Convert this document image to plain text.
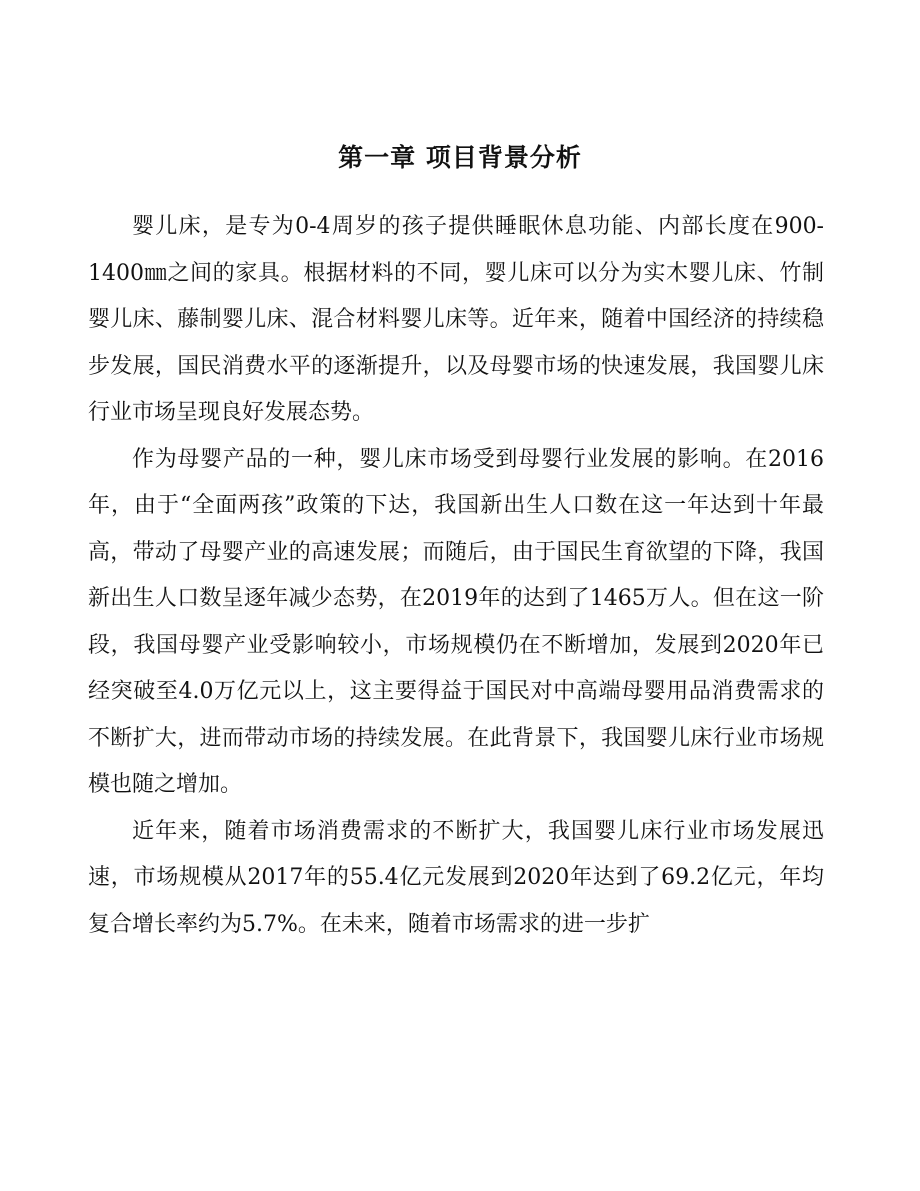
第一章 项目背景分析

婴儿床，是专为0-4周岁的孩子提供睡眠休息功能、内部长度在900-1400㎜之间的家具。根据材料的不同，婴儿床可以分为实木婴儿床、竹制婴儿床、藤制婴儿床、混合材料婴儿床等。近年来，随着中国经济的持续稳步发展，国民消费水平的逐渐提升，以及母婴市场的快速发展，我国婴儿床行业市场呈现良好发展态势。

作为母婴产品的一种，婴儿床市场受到母婴行业发展的影响。在2016年，由于“全面两孩”政策的下达，我国新出生人口数在这一年达到十年最高，带动了母婴产业的高速发展；而随后，由于国民生育欲望的下降，我国新出生人口数呈逐年减少态势，在2019年的达到了1465万人。但在这一阶段，我国母婴产业受影响较小，市场规模仍在不断增加，发展到2020年已经突破至4.0万亿元以上，这主要得益于国民对中高端母婴用品消费需求的不断扩大，进而带动市场的持续发展。在此背景下，我国婴儿床行业市场规模也随之增加。

近年来，随着市场消费需求的不断扩大，我国婴儿床行业市场发展迅速，市场规模从2017年的55.4亿元发展到2020年达到了69.2亿元，年均复合增长率约为5.7%。在未来，随着市场需求的进一步扩
